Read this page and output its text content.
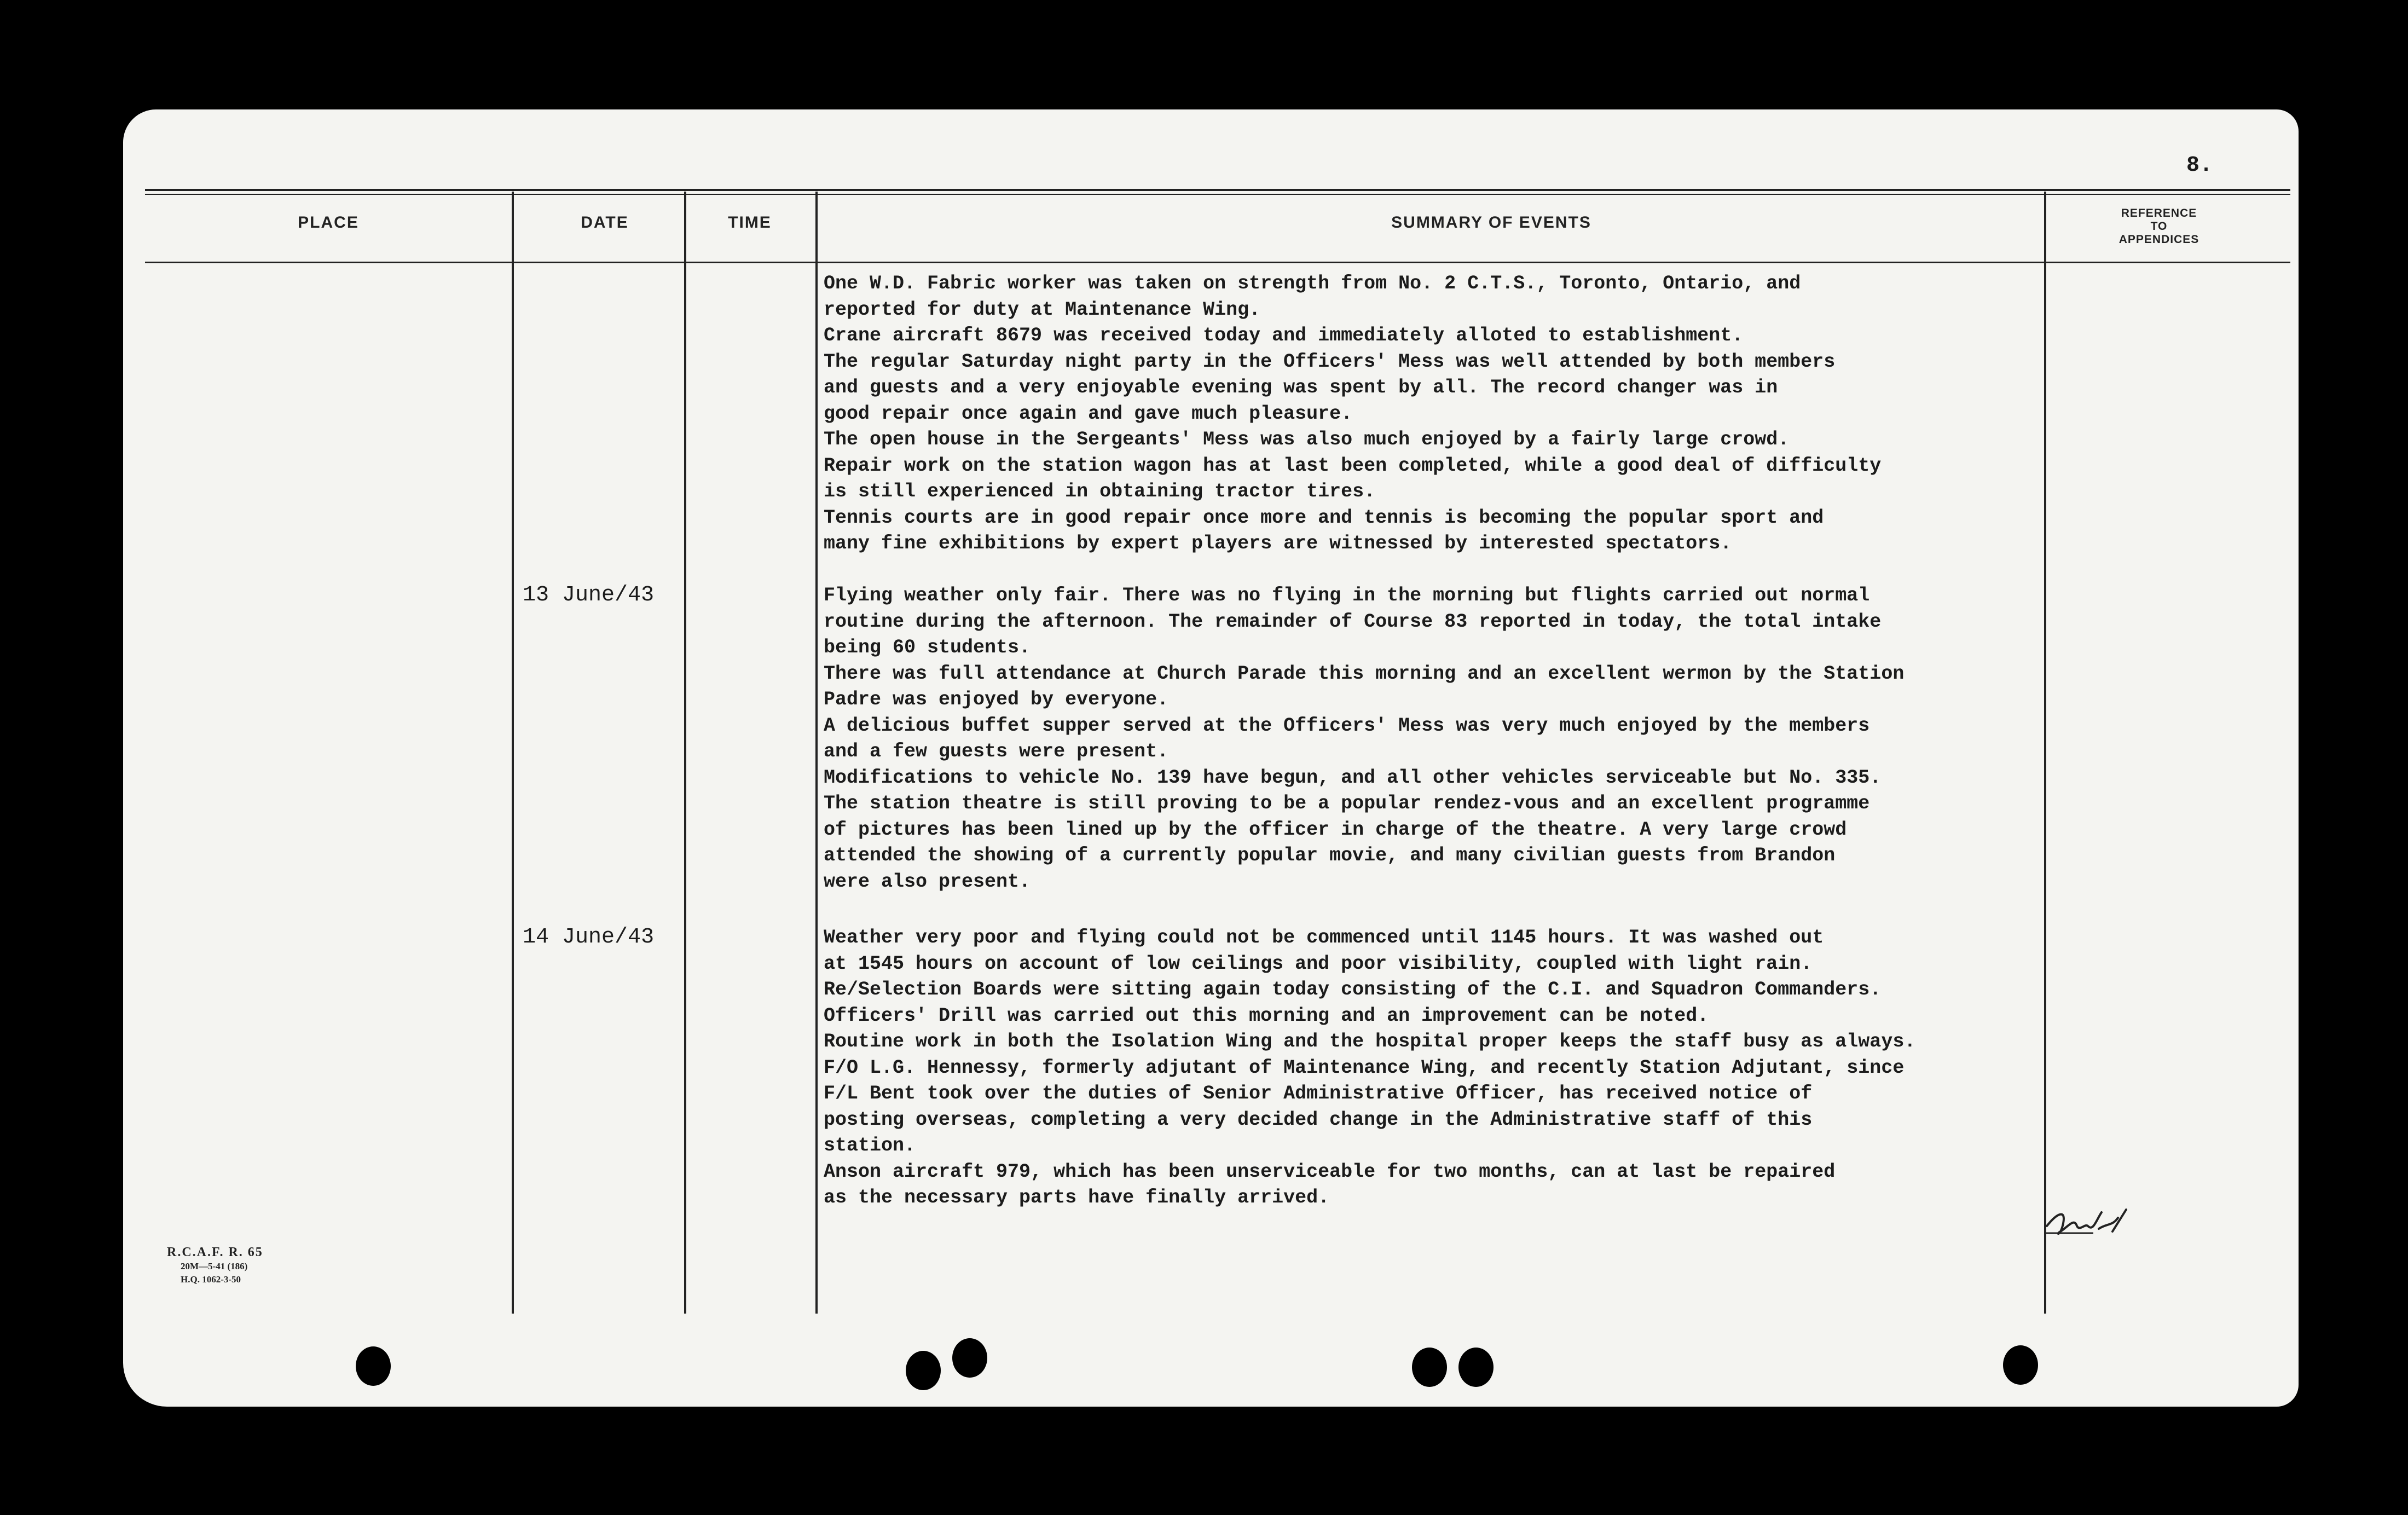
8.
PLACE	DATE	TIME	SUMMARY OF EVENTS
REFERENCE
TO
APPENDICES

One W.D. Fabric worker was taken on strength from No. 2 C.T.S., Toronto, Ontario, and

reported for duty at Maintenance Wing.

Crane aircraft 8679 was received today and immediately alloted to establishment.

The regular Saturday night party in the Officers' Mess was well attended by both members

and guests and a very enjoyable evening was spent by all. The record changer was in

good repair once again and gave much pleasure.

The open house in the Sergeants' Mess was also much enjoyed by a fairly large crowd.

Repair work on the station wagon has at last been completed, while a good deal of difficulty

is still experienced in obtaining tractor tires.

Tennis courts are in good repair once more and tennis is becoming the popular sport and

many fine exhibitions by expert players are witnessed by interested spectators.

13 June/43	Flying weather only fair. There was no flying in the morning but flights carried out normal

routine during the afternoon. The remainder of Course 83 reported in today, the total intake

being 60 students.

There was full attendance at Church Parade this morning and an excellent wermon by the Station

Padre was enjoyed by everyone.

A delicious buffet supper served at the Officers' Mess was very much enjoyed by the members

and a few guests were present.

Modifications to vehicle No. 139 have begun, and all other vehicles serviceable but No. 335.

The station theatre is still proving to be a popular rendez-vous and an excellent programme

of pictures has been lined up by the officer in charge of the theatre. A very large crowd

attended the showing of a currently popular movie, and many civilian guests from Brandon

were also present.

14 June/43	Weather very poor and flying could not be commenced until 1145 hours. It was washed out

at 1545 hours on account of low ceilings and poor visibility, coupled with light rain.

Re/Selection Boards were sitting again today consisting of the C.I. and Squadron Commanders.

Officers' Drill was carried out this morning and an improvement can be noted.

Routine work in both the Isolation Wing and the hospital proper keeps the staff busy as always.

F/O L.G. Hennessy, formerly adjutant of Maintenance Wing, and recently Station Adjutant, since

F/L Bent took over the duties of Senior Administrative Officer, has received notice of

posting overseas, completing a very decided change in the Administrative staff of this

station.

Anson aircraft 979, which has been unserviceable for two months, can at last be repaired

as the necessary parts have finally arrived.

R.C.A.F. R. 65
20M—5-41 (186)
H.Q. 1062-3-50
